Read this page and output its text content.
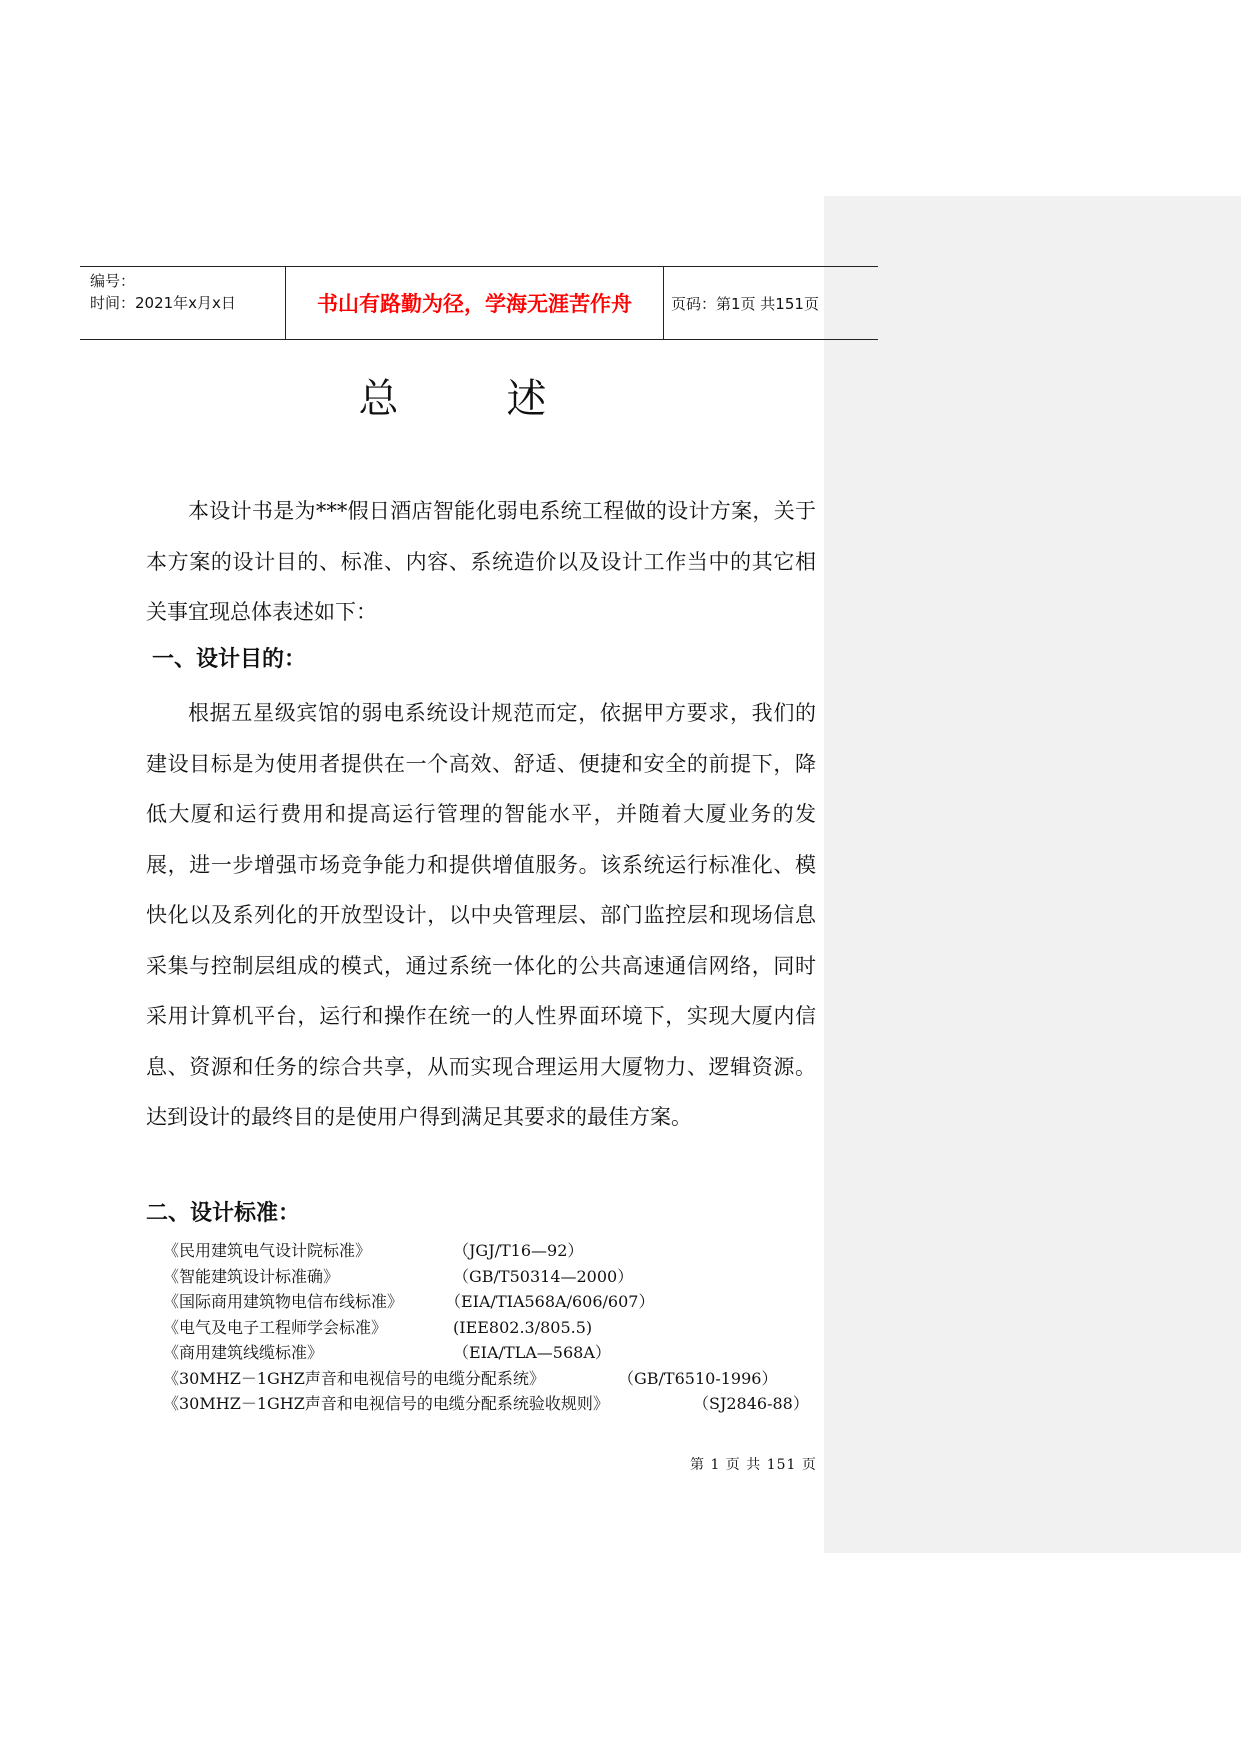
编号：
时间：2021年x月x日	书山有路勤为径，学海无涯苦作舟	页码：第1页 共151页
总	述
本设计书是为***假日酒店智能化弱电系统工程做的设计方案，关于本方案的设计目的、标准、内容、系统造价以及设计工作当中的其它相关事宜现总体表述如下：
一、设计目的：
根据五星级宾馆的弱电系统设计规范而定，依据甲方要求，我们的建设目标是为使用者提供在一个高效、舒适、便捷和安全的前提下，降低大厦和运行费用和提高运行管理的智能水平，并随着大厦业务的发展，进一步增强市场竞争能力和提供增值服务。该系统运行标准化、模快化以及系列化的开放型设计，以中央管理层、部门监控层和现场信息采集与控制层组成的模式，通过系统一体化的公共高速通信网络，同时采用计算机平台，运行和操作在统一的人性界面环境下，实现大厦内信息、资源和任务的综合共享，从而实现合理运用大厦物力、逻辑资源。达到设计的最终目的是使用户得到满足其要求的最佳方案。
二、设计标准：
《民用建筑电气设计院标准》	（JGJ/T16—92）
《智能建筑设计标准确》	（GB/T50314—2000）
《国际商用建筑物电信布线标准》	（EIA/TIA568A/606/607）
《电气及电子工程师学会标准》	(IEE802.3/805.5)
《商用建筑线缆标准》	（EIA/TLA—568A）
《30MHZ－1GHZ声音和电视信号的电缆分配系统》	（GB/T6510-1996）
《30MHZ－1GHZ声音和电视信号的电缆分配系统验收规则》	（SJ2846-88）
第 1 页 共 151 页
